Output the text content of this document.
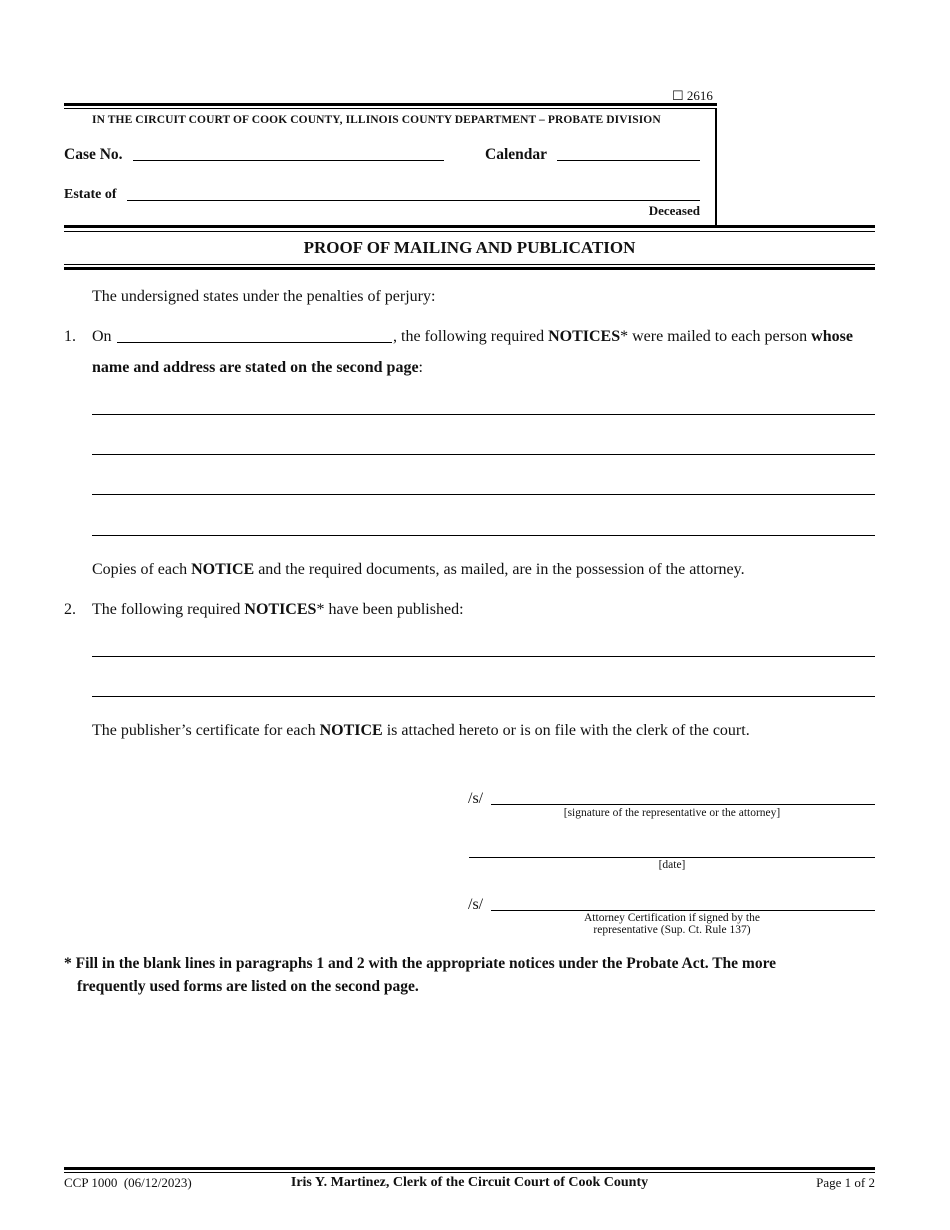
☐ 2616
IN THE CIRCUIT COURT OF COOK COUNTY, ILLINOIS COUNTY DEPARTMENT – PROBATE DIVISION
Case No.	Calendar
Estate of
Deceased
PROOF OF MAILING AND PUBLICATION
The undersigned states under the penalties of perjury:
1. On	, the following required NOTICES* were mailed to each person whose
name and address are stated on the second page:
Copies of each NOTICE and the required documents, as mailed, are in the possession of the attorney.
2. The following required NOTICES* have been published:
The publisher’s certificate for each NOTICE is attached hereto or is on file with the clerk of the court.
/s/
[signature of the representative or the attorney]
[date]
/s/
Attorney Certification if signed by the
representative (Sup. Ct. Rule 137)
* Fill in the blank lines in paragraphs 1 and 2 with the appropriate notices under the Probate Act. The more
frequently used forms are listed on the second page.
CCP 1000  (06/12/2023)	Iris Y. Martinez, Clerk of the Circuit Court of Cook County	Page 1 of 2
